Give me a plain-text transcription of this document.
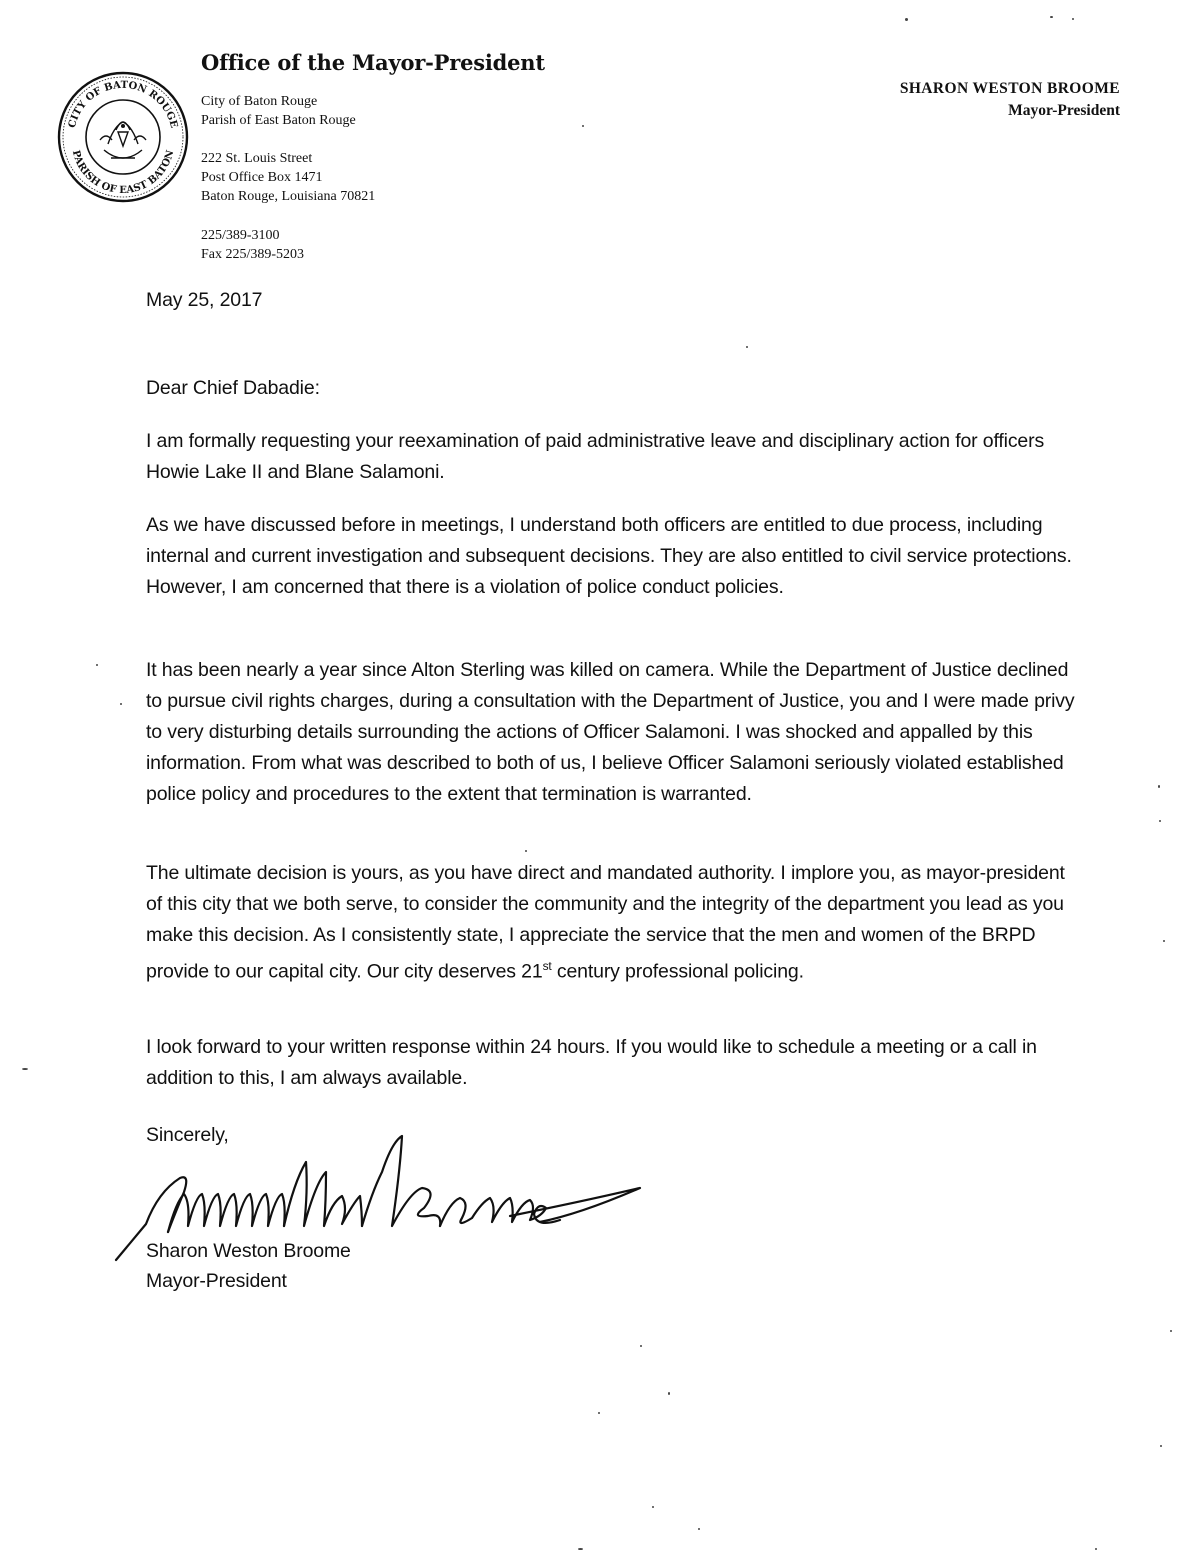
CITY OF BATON ROUGE
PARISH OF EAST BATON
Office of the Mayor-President
City of Baton Rouge
Parish of East Baton Rouge
222 St. Louis Street
Post Office Box 1471
Baton Rouge, Louisiana 70821
225/389-3100
Fax 225/389-5203
SHARON WESTON BROOME
Mayor-President
May 25, 2017
Dear Chief Dabadie:

I am formally requesting your reexamination of paid administrative leave and disciplinary action for officers Howie Lake II and Blane Salamoni.

As we have discussed before in meetings, I understand both officers are entitled to due process, including internal and current investigation and subsequent decisions. They are also entitled to civil service protections. However, I am concerned that there is a violation of police conduct policies.

It has been nearly a year since Alton Sterling was killed on camera. While the Department of Justice declined to pursue civil rights charges, during a consultation with the Department of Justice, you and I were made privy to very disturbing details surrounding the actions of Officer Salamoni. I was shocked and appalled by this information. From what was described to both of us, I believe Officer Salamoni seriously violated established police policy and procedures to the extent that termination is warranted.

The ultimate decision is yours, as you have direct and mandated authority. I implore you, as mayor-president of this city that we both serve, to consider the community and the integrity of the department you lead as you make this decision. As I consistently state, I appreciate the service that the men and women of the BRPD provide to our capital city. Our city deserves 21st century professional policing.

I look forward to your written response within 24 hours. If you would like to schedule a meeting or a call in addition to this, I am always available.

Sincerely,
Sharon Weston Broome
Mayor-President
